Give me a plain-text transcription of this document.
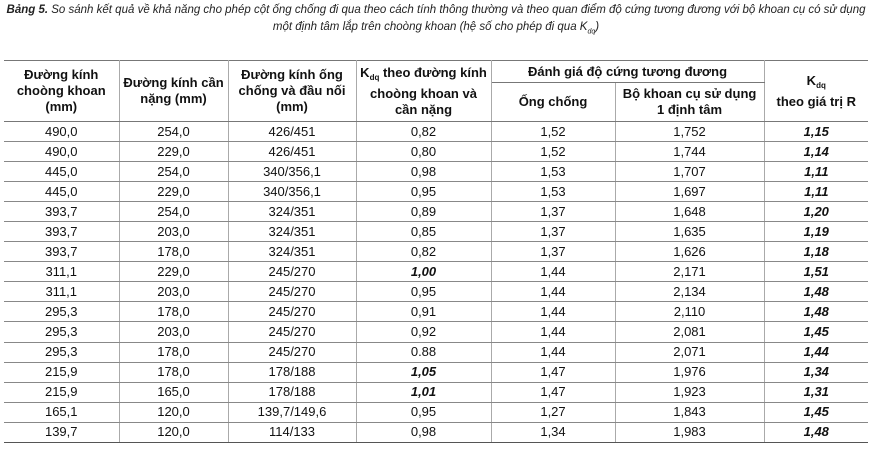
Bảng 5. So sánh kết quả về khả năng cho phép cột ống chống đi qua theo cách tính thông thường và theo quan điểm độ cứng tương đương với bộ khoan cụ có sử dụng một định tâm lắp trên choòng khoan (hệ số cho phép đi qua $K_{dq}$)
Đường kính choòng khoan (mm)	Đường kính cần nặng (mm)	Đường kính ống chống và đầu nối (mm)	$K_{dq}$ theo đường kính choòng khoan và cần nặng	Đánh giá độ cứng tương đương		$K_{dq}$
theo giá trị R
				Ống chống	Bộ khoan cụ sử dụng 1 định tâm	
490,0	254,0	426/451	0,82	1,52	1,752	1,15
490,0	229,0	426/451	0,80	1,52	1,744	1,14
445,0	254,0	340/356,1	0,98	1,53	1,707	1,11
445,0	229,0	340/356,1	0,95	1,53	1,697	1,11
393,7	254,0	324/351	0,89	1,37	1,648	1,20
393,7	203,0	324/351	0,85	1,37	1,635	1,19
393,7	178,0	324/351	0,82	1,37	1,626	1,18
311,1	229,0	245/270	1,00	1,44	2,171	1,51
311,1	203,0	245/270	0,95	1,44	2,134	1,48
295,3	178,0	245/270	0,91	1,44	2,110	1,48
295,3	203,0	245/270	0,92	1,44	2,081	1,45
295,3	178,0	245/270	0.88	1,44	2,071	1,44
215,9	178,0	178/188	1,05	1,47	1,976	1,34
215,9	165,0	178/188	1,01	1,47	1,923	1,31
165,1	120,0	139,7/149,6	0,95	1,27	1,843	1,45
139,7	120,0	114/133	0,98	1,34	1,983	1,48
